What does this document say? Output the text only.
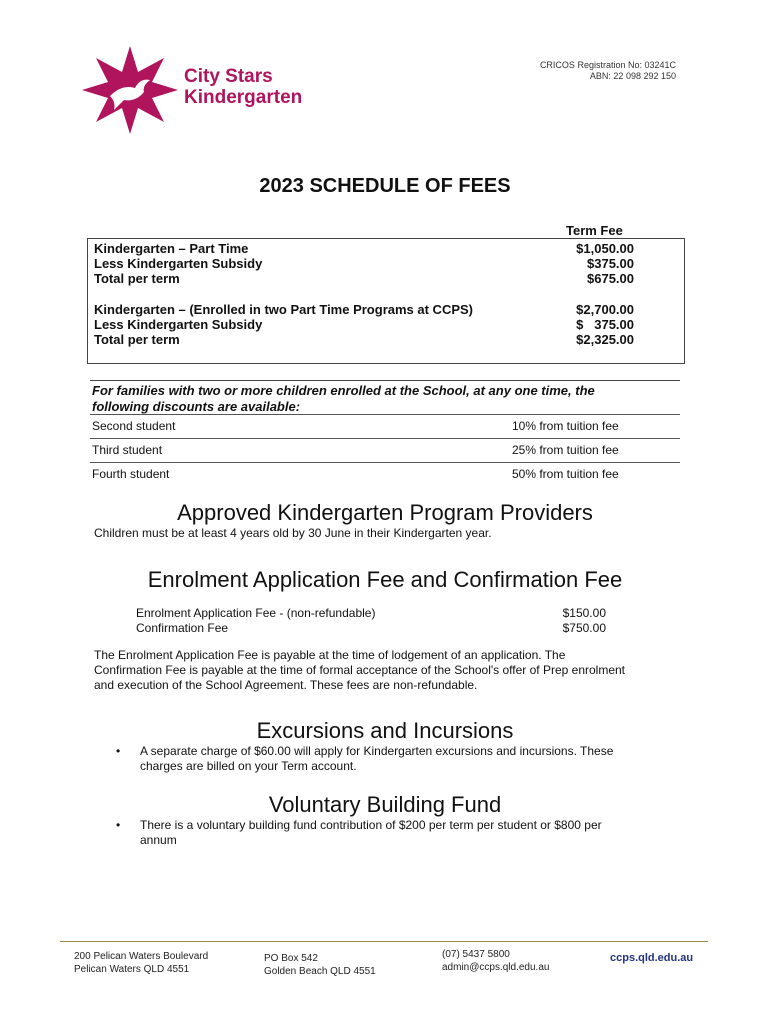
City Stars
Kindergarten
CRICOS Registration No: 03241C
ABN: 22 098 292 150
2023 SCHEDULE OF FEES
Term Fee
Kindergarten – Part Time	$1,050.00
Less Kindergarten Subsidy	$375.00
Total per term	$675.00
Kindergarten – (Enrolled in two Part Time Programs at CCPS)	$2,700.00
Less Kindergarten Subsidy	$   375.00
Total per term	$2,325.00
For families with two or more children enrolled at the School, at any one time, the
following discounts are available:
Second student	10% from tuition fee
Third student	25% from tuition fee
Fourth student	50% from tuition fee
Approved Kindergarten Program Providers
Children must be at least 4 years old by 30 June in their Kindergarten year.
Enrolment Application Fee and Confirmation Fee
Enrolment Application Fee - (non-refundable)	$150.00
Confirmation Fee	$750.00
The Enrolment Application Fee is payable at the time of lodgement of an application. The
Confirmation Fee is payable at the time of formal acceptance of the School's offer of Prep enrolment
and execution of the School Agreement. These fees are non-refundable.
Excursions and Incursions
• A separate charge of $60.00 will apply for Kindergarten excursions and incursions. These
charges are billed on your Term account.
Voluntary Building Fund
• There is a voluntary building fund contribution of $200 per term per student or $800 per
annum
200 Pelican Waters Boulevard
Pelican Waters QLD 4551
PO Box 542
Golden Beach QLD 4551
(07) 5437 5800
admin@ccps.qld.edu.au
ccps.qld.edu.au
